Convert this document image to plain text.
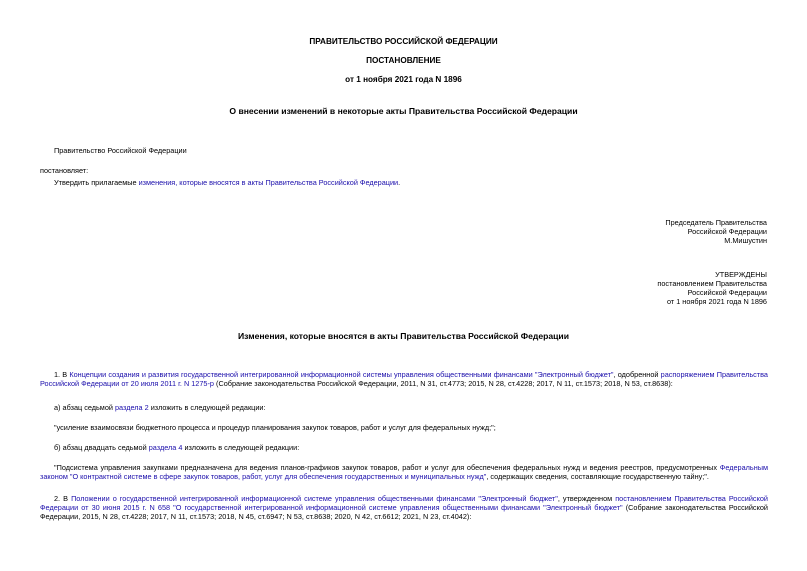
ПРАВИТЕЛЬСТВО РОССИЙСКОЙ ФЕДЕРАЦИИ
ПОСТАНОВЛЕНИЕ
от 1 ноября 2021 года N 1896
О внесении изменений в некоторые акты Правительства Российской Федерации
Правительство Российской Федерации
постановляет:
Утвердить прилагаемые изменения, которые вносятся в акты Правительства Российской Федерации.
Председатель Правительства
Российской Федерации
М.Мишустин
УТВЕРЖДЕНЫ
постановлением Правительства
Российской Федерации
от 1 ноября 2021 года N 1896
Изменения, которые вносятся в акты Правительства Российской Федерации
1. В Концепции создания и развития государственной интегрированной информационной системы управления общественными финансами "Электронный бюджет", одобренной распоряжением Правительства Российской Федерации от 20 июля 2011 г. N 1275-р (Собрание законодательства Российской Федерации, 2011, N 31, ст.4773; 2015, N 28, ст.4228; 2017, N 11, ст.1573; 2018, N 53, ст.8638):
а) абзац седьмой раздела 2 изложить в следующей редакции:
"усиление взаимосвязи бюджетного процесса и процедур планирования закупок товаров, работ и услуг для федеральных нужд;";
б) абзац двадцать седьмой раздела 4 изложить в следующей редакции:
"Подсистема управления закупками предназначена для ведения планов-графиков закупок товаров, работ и услуг для обеспечения федеральных нужд и ведения реестров, предусмотренных Федеральным законом "О контрактной системе в сфере закупок товаров, работ, услуг для обеспечения государственных и муниципальных нужд", содержащих сведения, составляющие государственную тайну;".
2. В Положении о государственной интегрированной информационной системе управления общественными финансами "Электронный бюджет", утвержденном постановлением Правительства Российской Федерации от 30 июня 2015 г. N 658 "О государственной интегрированной информационной системе управления общественными финансами "Электронный бюджет" (Собрание законодательства Российской Федерации, 2015, N 28, ст.4228; 2017, N 11, ст.1573; 2018, N 45, ст.6947; N 53, ст.8638; 2020, N 42, ст.6612; 2021, N 23, ст.4042):
